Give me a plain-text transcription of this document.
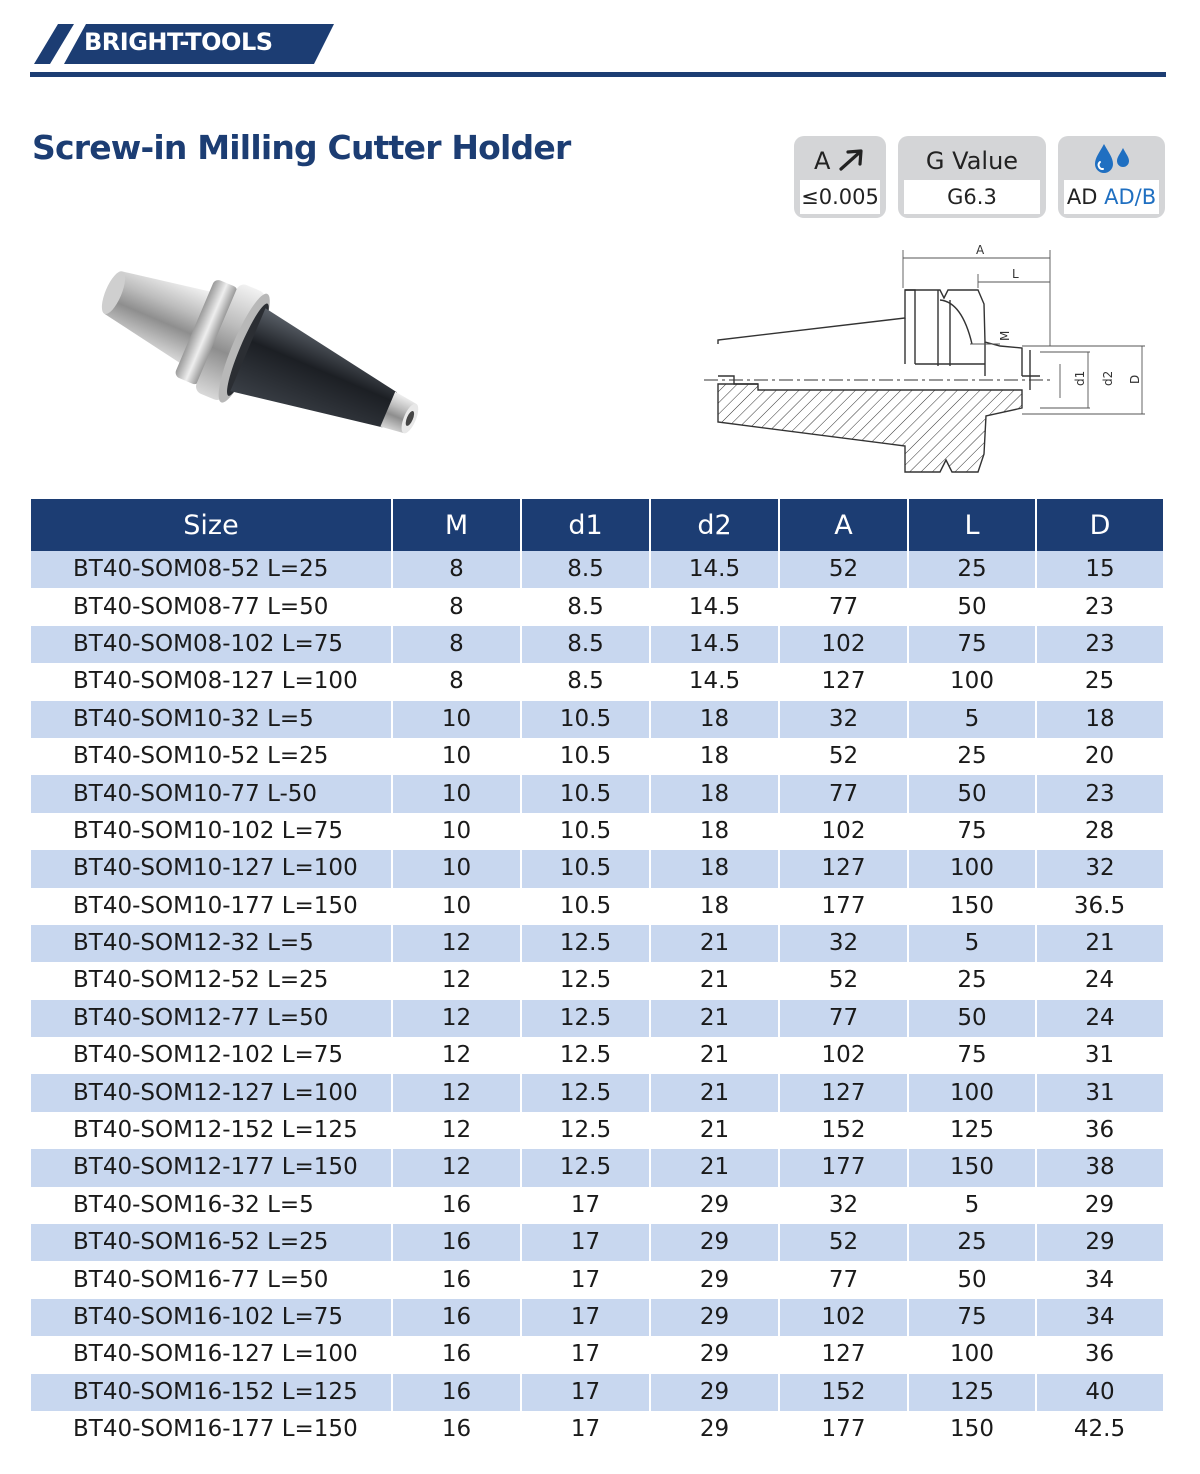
BRIGHT-TOOLS
Screw-in Milling Cutter Holder	A
≤0.005
G Value
G6.3	AD AD/B
A
L
M
d1 d2 D
Size	M	d1	d2	A	L	D
BT40-SOM08-52 L=25	8	8.5	14.5	52	25	15
BT40-SOM08-77 L=50	8	8.5	14.5	77	50	23
BT40-SOM08-102 L=75	8	8.5	14.5	102	75	23
BT40-SOM08-127 L=100	8	8.5	14.5	127	100	25
BT40-SOM10-32 L=5	10	10.5	18	32	5	18
BT40-SOM10-52 L=25	10	10.5	18	52	25	20
BT40-SOM10-77 L-50	10	10.5	18	77	50	23
BT40-SOM10-102 L=75	10	10.5	18	102	75	28
BT40-SOM10-127 L=100	10	10.5	18	127	100	32
BT40-SOM10-177 L=150	10	10.5	18	177	150	36.5
BT40-SOM12-32 L=5	12	12.5	21	32	5	21
BT40-SOM12-52 L=25	12	12.5	21	52	25	24
BT40-SOM12-77 L=50	12	12.5	21	77	50	24
BT40-SOM12-102 L=75	12	12.5	21	102	75	31
BT40-SOM12-127 L=100	12	12.5	21	127	100	31
BT40-SOM12-152 L=125	12	12.5	21	152	125	36
BT40-SOM12-177 L=150	12	12.5	21	177	150	38
BT40-SOM16-32 L=5	16	17	29	32	5	29
BT40-SOM16-52 L=25	16	17	29	52	25	29
BT40-SOM16-77 L=50	16	17	29	77	50	34
BT40-SOM16-102 L=75	16	17	29	102	75	34
BT40-SOM16-127 L=100	16	17	29	127	100	36
BT40-SOM16-152 L=125	16	17	29	152	125	40
BT40-SOM16-177 L=150	16	17	29	177	150	42.5
